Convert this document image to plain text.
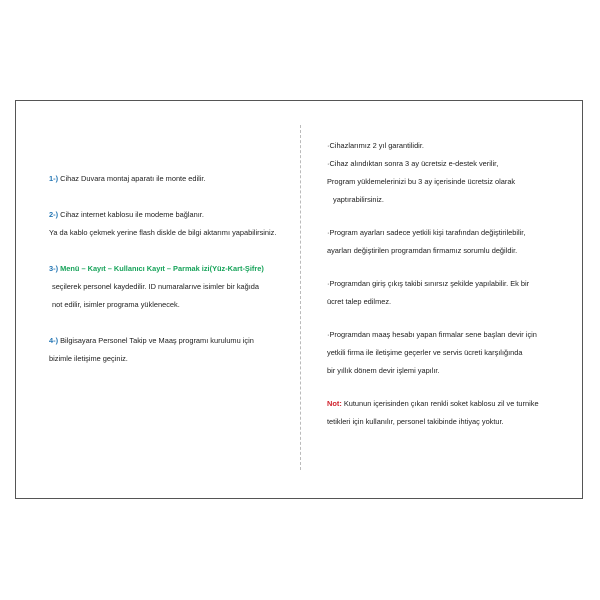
1-) Cihaz Duvara montaj aparatı ile monte edilir.
2-) Cihaz internet kablosu ile modeme bağlanır.
Ya da kablo çekmek yerine flash diskle de bilgi aktarımı yapabilirsiniz.
3-) Menü – Kayıt – Kullanıcı Kayıt – Parmak izi(Yüz-Kart-Şifre)
seçilerek personel kaydedilir. ID numaralarıve isimler bir kağıda
not edilir, isimler programa yüklenecek.
4-) Bilgisayara Personel Takip ve Maaş programı kurulumu için
bizimle iletişime geçiniz.
·Cihazlarımız 2 yıl garantilidir.
·Cihaz alındıktan sonra 3 ay ücretsiz e-destek verilir,
Program yüklemelerinizi bu 3 ay içerisinde ücretsiz olarak
yaptırabilirsiniz.
·Program ayarları sadece yetkili kişi tarafından değiştirilebilir,
ayarları değiştirilen programdan firmamız sorumlu değildir.
·Programdan giriş çıkış takibi sınırsız şekilde yapılabilir. Ek bir
ücret talep edilmez.
·Programdan maaş hesabı yapan firmalar sene başları devir için
yetkili firma ile iletişime geçerler ve servis ücreti karşılığında
bir yıllık dönem devir işlemi yapılır.
Not: Kutunun içerisinden çıkan renkli soket kablosu zil ve turnike
tetikleri için kullanılır, personel takibinde ihtiyaç yoktur.
